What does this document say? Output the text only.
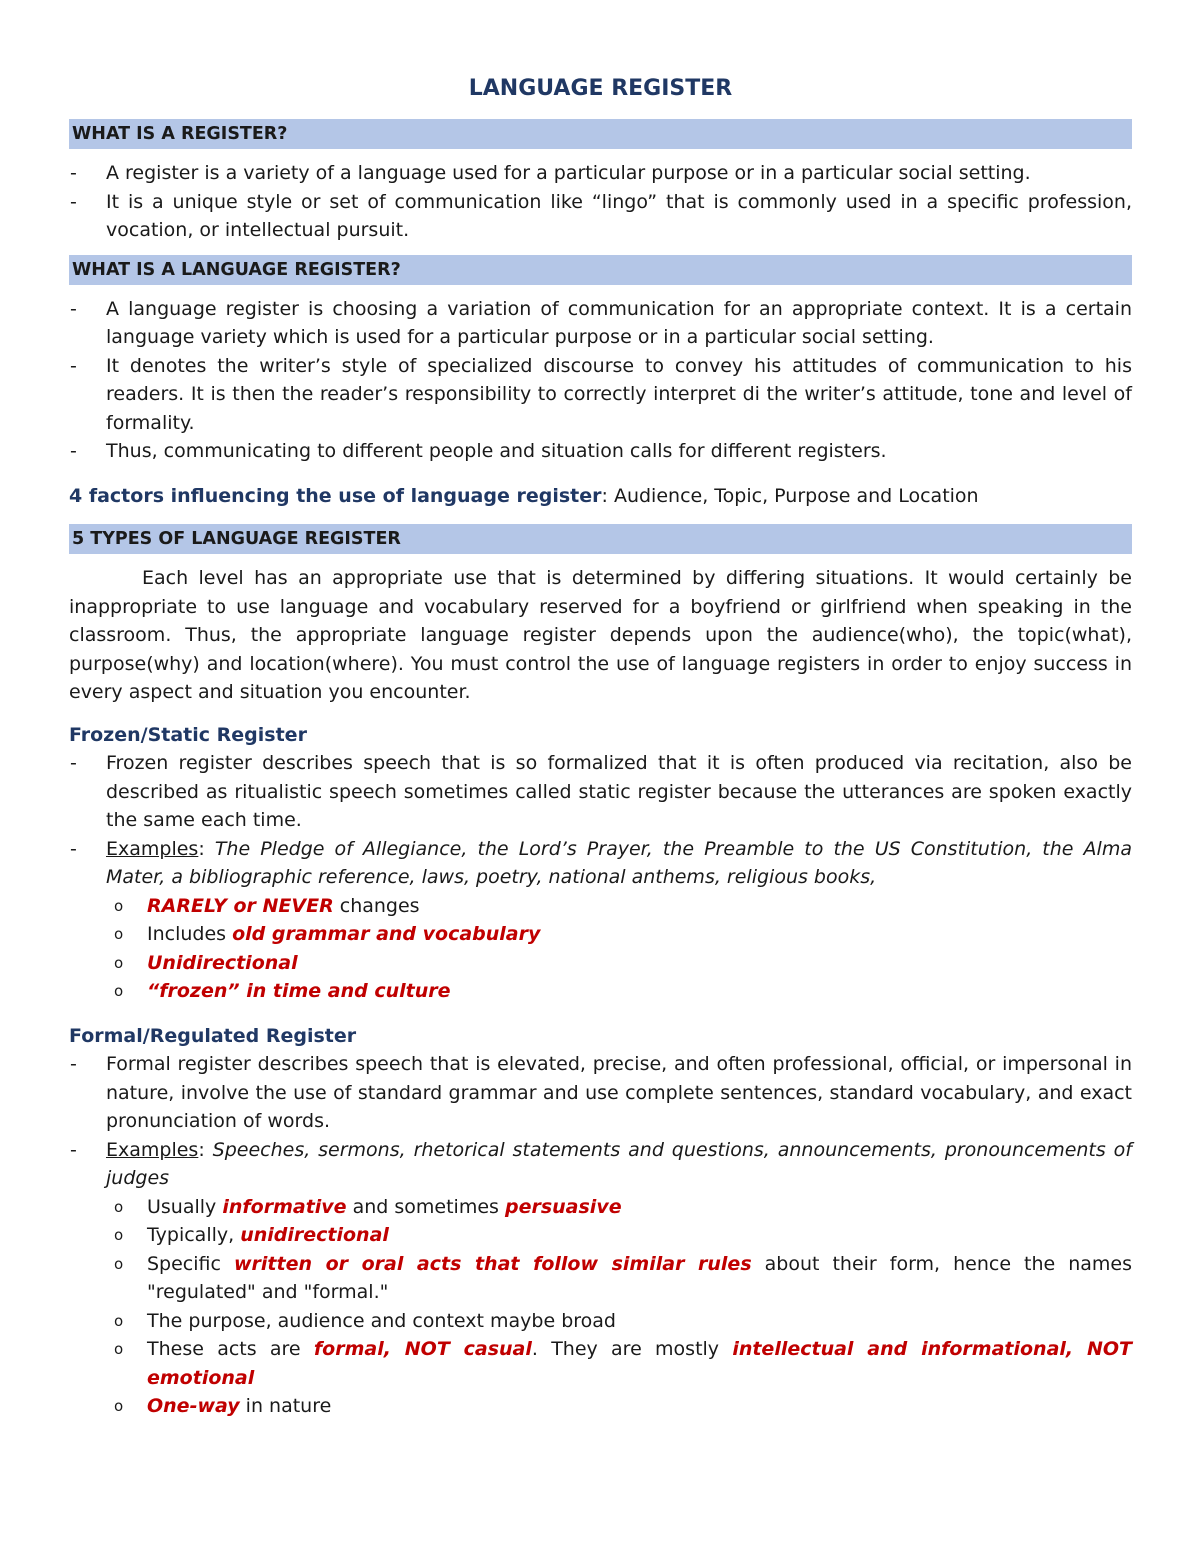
LANGUAGE REGISTER
WHAT IS A REGISTER?
- A register is a variety of a language used for a particular purpose or in a particular social setting.
- It is a unique style or set of communication like “lingo” that is commonly used in a specific profession, vocation, or intellectual pursuit.
WHAT IS A LANGUAGE REGISTER?
- A language register is choosing a variation of communication for an appropriate context. It is a certain language variety which is used for a particular purpose or in a particular social setting.
- It denotes the writer’s style of specialized discourse to convey his attitudes of communication to his readers. It is then the reader’s responsibility to correctly interpret di the writer’s attitude, tone and level of formality.
- Thus, communicating to different people and situation calls for different registers.
4 factors influencing the use of language register: Audience, Topic, Purpose and Location
5 TYPES OF LANGUAGE REGISTER

Each level has an appropriate use that is determined by differing situations. It would certainly be inappropriate to use language and vocabulary reserved for a boyfriend or girlfriend when speaking in the classroom. Thus, the appropriate language register depends upon the audience(who), the topic(what), purpose(why) and location(where). You must control the use of language registers in order to enjoy success in every aspect and situation you encounter.

Frozen/Static Register
- Frozen register describes speech that is so formalized that it is often produced via recitation, also be described as ritualistic speech sometimes called static register because the utterances are spoken exactly the same each time.
- Examples: The Pledge of Allegiance, the Lord’s Prayer, the Preamble to the US Constitution, the Alma Mater, a bibliographic reference, laws, poetry, national anthems, religious books,
o RARELY or NEVER changes
o Includes old grammar and vocabulary
o Unidirectional
o “frozen” in time and culture
Formal/Regulated Register
- Formal register describes speech that is elevated, precise, and often professional, official, or impersonal in nature, involve the use of standard grammar and use complete sentences, standard vocabulary, and exact pronunciation of words.
- Examples: Speeches, sermons, rhetorical statements and questions, announcements, pronouncements of judges
o Usually informative and sometimes persuasive
o Typically, unidirectional
o Specific written or oral acts that follow similar rules about their form, hence the names "regulated" and "formal."
o The purpose, audience and context maybe broad
o These acts are formal, NOT casual. They are mostly intellectual and informational, NOT emotional
o One-way in nature
